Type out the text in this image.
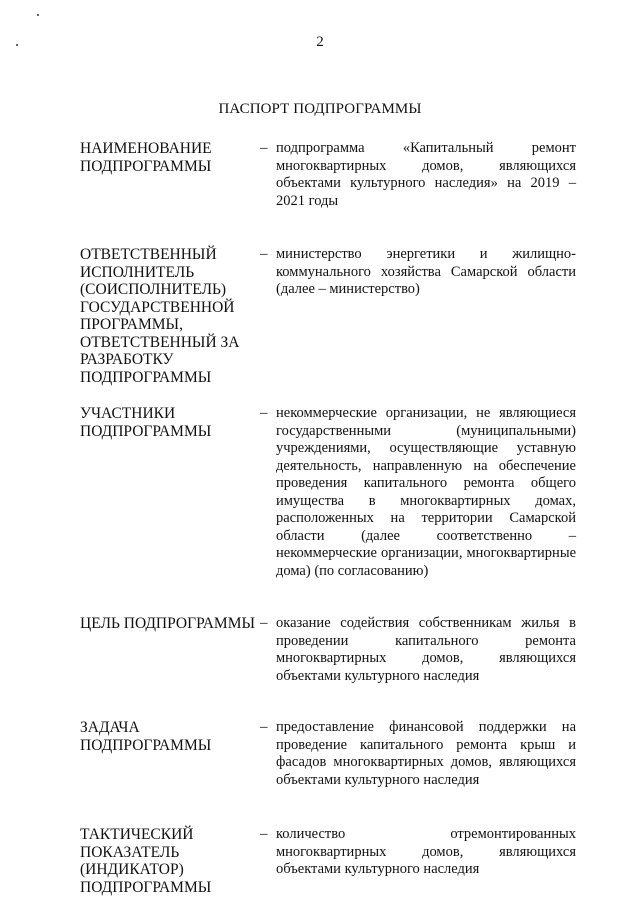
2
ПАСПОРТ ПОДПРОГРАММЫ
НАИМЕНОВАНИЕ ПОДПРОГРАММЫ
– подпрограмма «Капитальный ремонт многоквартирных домов, являющихся объектами культурного наследия» на 2019 – 2021 годы
ОТВЕТСТВЕННЫЙ ИСПОЛНИТЕЛЬ (СОИСПОЛНИТЕЛЬ) ГОСУДАРСТВЕННОЙ ПРОГРАММЫ, ОТВЕТСТВЕННЫЙ ЗА РАЗРАБОТКУ ПОДПРОГРАММЫ
– министерство энергетики и жилищно-коммунального хозяйства Самарской области (далее – министерство)
УЧАСТНИКИ ПОДПРОГРАММЫ
– некоммерческие организации, не являющиеся государственными (муниципальными) учреждениями, осуществляющие уставную деятельность, направленную на обеспечение проведения капитального ремонта общего имущества в многоквартирных домах, расположенных на территории Самарской области (далее соответственно – некоммерческие организации, многоквартирные дома) (по согласованию)
ЦЕЛЬ ПОДПРОГРАММЫ – оказание содействия собственникам жилья в проведении капитального ремонта многоквартирных домов, являющихся объектами культурного наследия
ЗАДАЧА ПОДПРОГРАММЫ
– предоставление финансовой поддержки на проведение капитального ремонта крыш и фасадов многоквартирных домов, являющихся объектами культурного наследия
ТАКТИЧЕСКИЙ ПОКАЗАТЕЛЬ (ИНДИКАТОР) ПОДПРОГРАММЫ
– количество отремонтированных многоквартирных домов, являющихся объектами культурного наследия
